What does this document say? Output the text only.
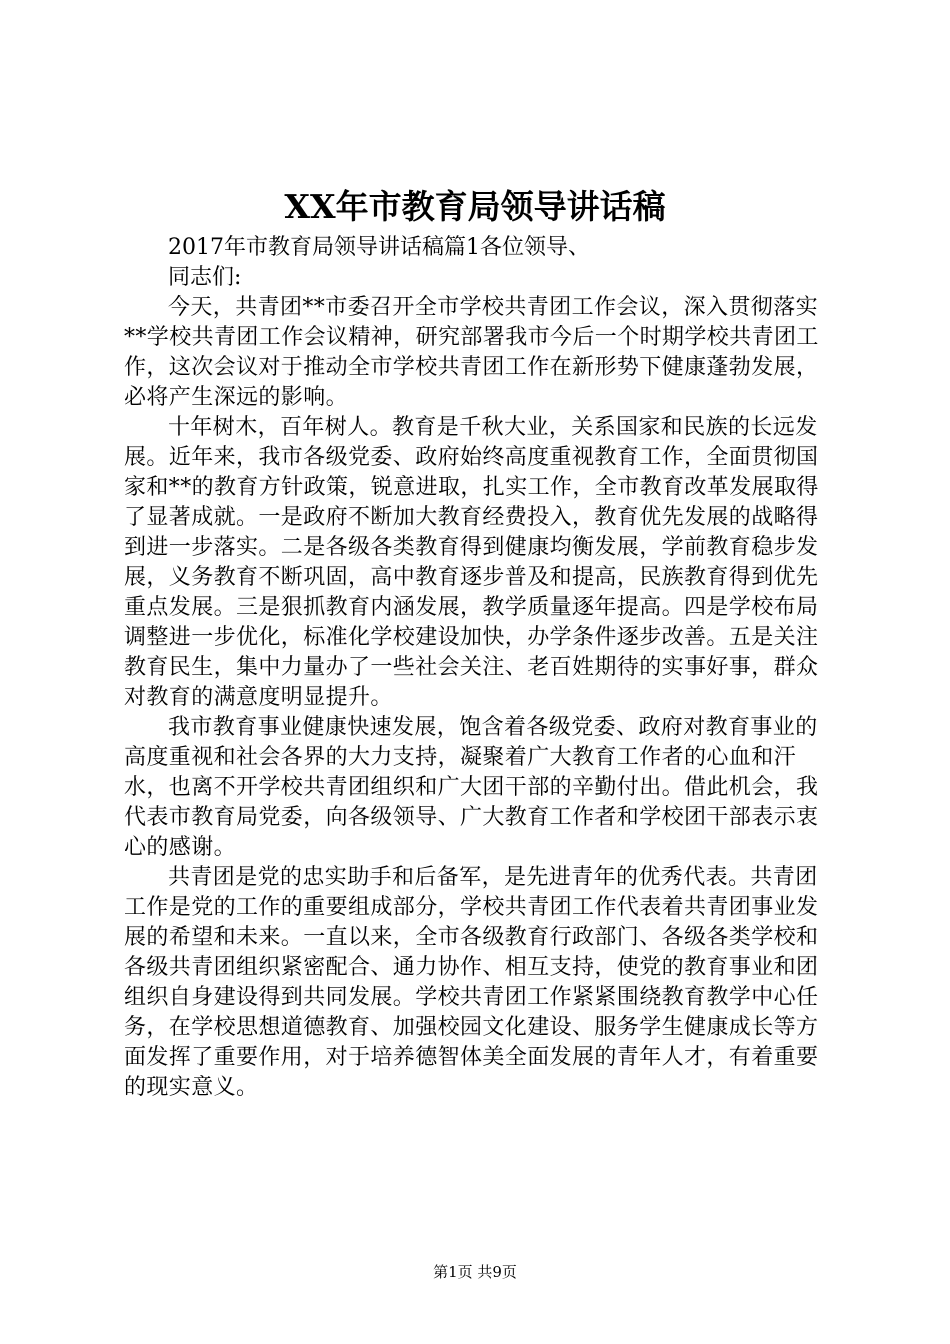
XX年市教育局领导讲话稿

2017年市教育局领导讲话稿篇1各位领导、

同志们:

今天，共青团**市委召开全市学校共青团工作会议，深入贯彻落实**学校共青团工作会议精神，研究部署我市今后一个时期学校共青团工作，这次会议对于推动全市学校共青团工作在新形势下健康蓬勃发展，必将产生深远的影响。

十年树木，百年树人。教育是千秋大业，关系国家和民族的长远发展。近年来，我市各级党委、政府始终高度重视教育工作，全面贯彻国家和**的教育方针政策，锐意进取，扎实工作，全市教育改革发展取得了显著成就。一是政府不断加大教育经费投入，教育优先发展的战略得到进一步落实。二是各级各类教育得到健康均衡发展，学前教育稳步发展，义务教育不断巩固，高中教育逐步普及和提高，民族教育得到优先重点发展。三是狠抓教育内涵发展，教学质量逐年提高。四是学校布局调整进一步优化，标准化学校建设加快，办学条件逐步改善。五是关注教育民生，集中力量办了一些社会关注、老百姓期待的实事好事，群众对教育的满意度明显提升。

我市教育事业健康快速发展，饱含着各级党委、政府对教育事业的高度重视和社会各界的大力支持，凝聚着广大教育工作者的心血和汗水，也离不开学校共青团组织和广大团干部的辛勤付出。借此机会，我代表市教育局党委，向各级领导、广大教育工作者和学校团干部表示衷心的感谢。

共青团是党的忠实助手和后备军，是先进青年的优秀代表。共青团工作是党的工作的重要组成部分，学校共青团工作代表着共青团事业发展的希望和未来。一直以来，全市各级教育行政部门、各级各类学校和各级共青团组织紧密配合、通力协作、相互支持，使党的教育事业和团组织自身建设得到共同发展。学校共青团工作紧紧围绕教育教学中心任务，在学校思想道德教育、加强校园文化建设、服务学生健康成长等方面发挥了重要作用，对于培养德智体美全面发展的青年人才，有着重要的现实意义。

第1页 共9页
